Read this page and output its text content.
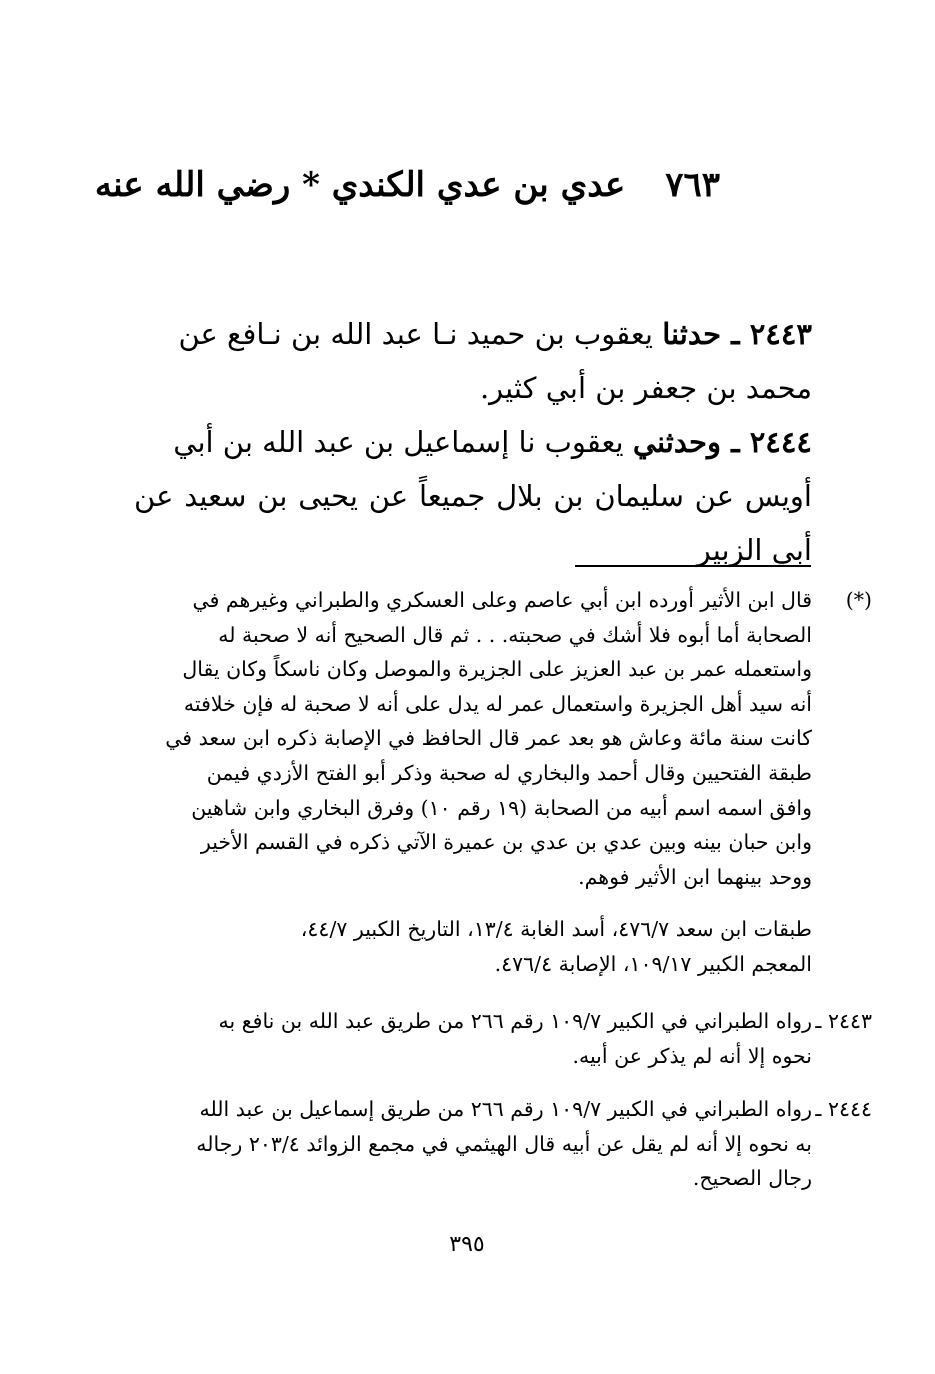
٧٦٣ عدي بن عدي الكندي * رضي الله عنه
٢٤٤٣ ـ حدثنا يعقوب بن حميد نـا عبد الله بن نـافع عن
محمد بن جعفر بن أبي كثير.
٢٤٤٤ ـ وحدثني يعقوب نا إسماعيل بن عبد الله بن أبي
أويس عن سليمان بن بلال جميعاً عن يحيى بن سعيد عن أبي الزبير
(*)قال ابن الأثير أورده ابن أبي عاصم وعلى العسكري والطبراني وغيرهم في
الصحابة أما أبوه فلا أشك في صحبته. . . ثم قال الصحيح أنه لا صحبة له
واستعمله عمر بن عبد العزيز على الجزيرة والموصل وكان ناسكاً وكان يقال
أنه سيد أهل الجزيرة واستعمال عمر له يدل على أنه لا صحبة له فإن خلافته
كانت سنة مائة وعاش هو بعد عمر قال الحافظ في الإصابة ذكره ابن سعد في
طبقة الفتحيين وقال أحمد والبخاري له صحبة وذكر أبو الفتح الأزدي فيمن
وافق اسمه اسم أبيه من الصحابة (١٩ رقم ١٠) وفرق البخاري وابن شاهين
وابن حبان بينه وبين عدي بن عدي بن عميرة الآتي ذكره في القسم الأخير
ووحد بينهما ابن الأثير فوهم.
طبقات ابن سعد ٤٧٦/٧، أسد الغابة ١٣/٤، التاريخ الكبير ٤٤/٧،
المعجم الكبير ١٠٩/١٧، الإصابة ٤٧٦/٤.
٢٤٤٣ ـرواه الطبراني في الكبير ١٠٩/٧ رقم ٢٦٦ من طريق عبد الله بن نافع به
نحوه إلا أنه لم يذكر عن أبيه.
٢٤٤٤ ـرواه الطبراني في الكبير ١٠٩/٧ رقم ٢٦٦ من طريق إسماعيل بن عبد الله
به نحوه إلا أنه لم يقل عن أبيه قال الهيثمي في مجمع الزوائد ٢٠٣/٤ رجاله
رجال الصحيح.
٣٩٥
